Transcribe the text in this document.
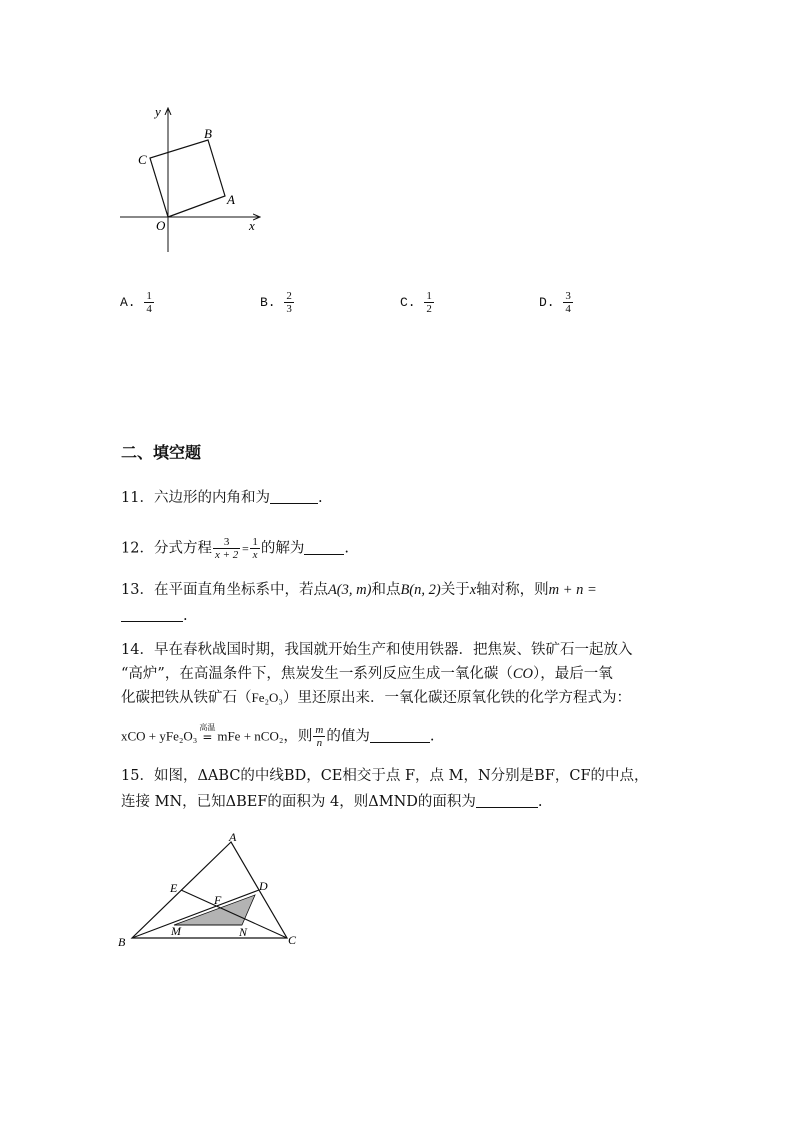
y
x
O
A
B
C
A. $\frac{1}{4}$	B. $\frac{2}{3}$	C. $\frac{1}{2}$	D. $\frac{3}{4}$
二、填空题
11．六边形的内角和为	.
12．分式方程 $\frac{3}{x + 2} = \frac{1}{x}$ 的解为	.
13．在平面直角坐标系中，若点A(3, m)和点B(n, 2)关于x轴对称，则m + n =
.
14．早在春秋战国时期，我国就开始生产和使用铁器．把焦炭、铁矿石一起放入
“高炉”，在高温条件下，焦炭发生一系列反应生成一氧化碳（CO），最后一氧
化碳把铁从铁矿石（Fe₂O₃）里还原出来．一氧化碳还原氧化铁的化学方程式为：
xCO + yFe₂O₃
高温
= mFe + nCO₂，则 $\frac{m}{n}$ 的值为	.
15．如图，ΔABC的中线BD，CE相交于点 F，点 M，N分别是BF，CF的中点，
连接 MN，已知ΔBEF的面积为 4，则ΔMND的面积为	.
A
B	C
D
E
F
M	N
